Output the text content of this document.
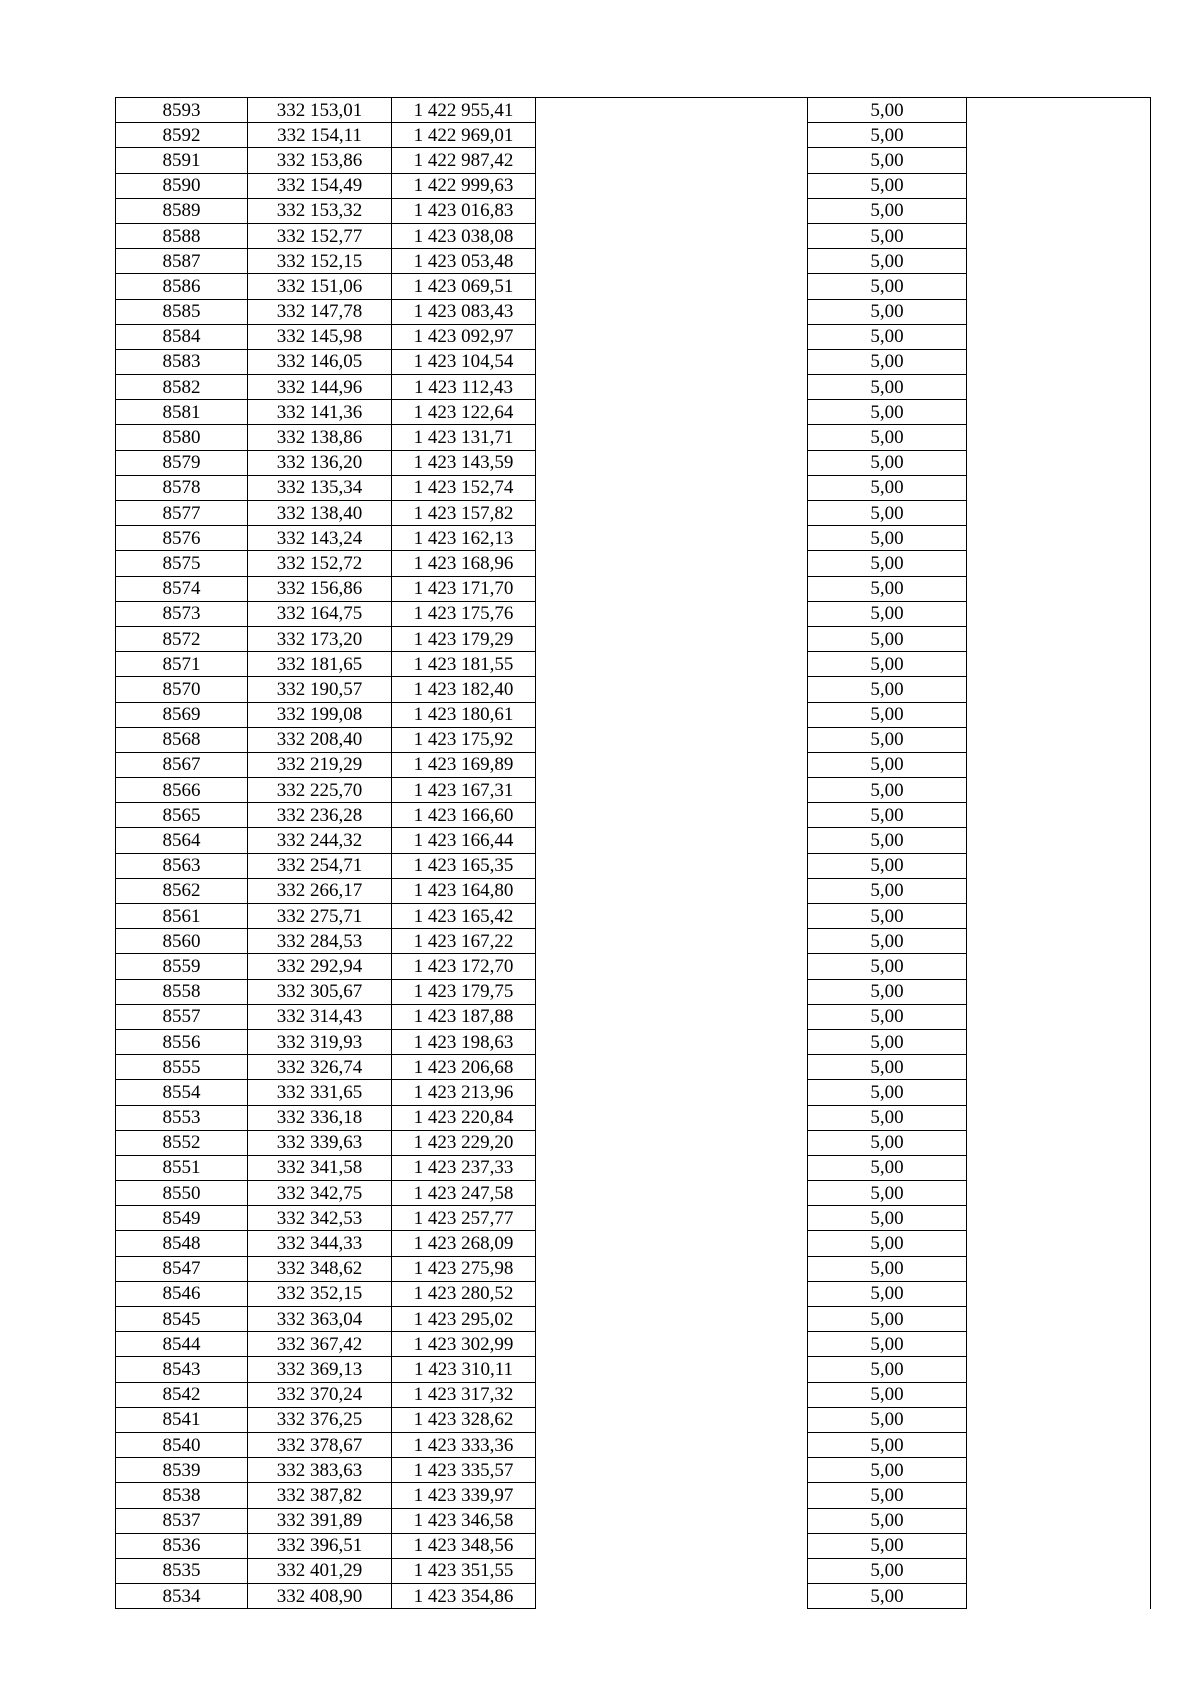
8593	332 153,01	1 422 955,41		5,00	
8592	332 154,11	1 422 969,01		5,00	
8591	332 153,86	1 422 987,42		5,00	
8590	332 154,49	1 422 999,63		5,00	
8589	332 153,32	1 423 016,83		5,00	
8588	332 152,77	1 423 038,08		5,00	
8587	332 152,15	1 423 053,48		5,00	
8586	332 151,06	1 423 069,51		5,00	
8585	332 147,78	1 423 083,43		5,00	
8584	332 145,98	1 423 092,97		5,00	
8583	332 146,05	1 423 104,54		5,00	
8582	332 144,96	1 423 112,43		5,00	
8581	332 141,36	1 423 122,64		5,00	
8580	332 138,86	1 423 131,71		5,00	
8579	332 136,20	1 423 143,59		5,00	
8578	332 135,34	1 423 152,74		5,00	
8577	332 138,40	1 423 157,82		5,00	
8576	332 143,24	1 423 162,13		5,00	
8575	332 152,72	1 423 168,96		5,00	
8574	332 156,86	1 423 171,70		5,00	
8573	332 164,75	1 423 175,76		5,00	
8572	332 173,20	1 423 179,29		5,00	
8571	332 181,65	1 423 181,55		5,00	
8570	332 190,57	1 423 182,40		5,00	
8569	332 199,08	1 423 180,61		5,00	
8568	332 208,40	1 423 175,92		5,00	
8567	332 219,29	1 423 169,89		5,00	
8566	332 225,70	1 423 167,31		5,00	
8565	332 236,28	1 423 166,60		5,00	
8564	332 244,32	1 423 166,44		5,00	
8563	332 254,71	1 423 165,35		5,00	
8562	332 266,17	1 423 164,80		5,00	
8561	332 275,71	1 423 165,42		5,00	
8560	332 284,53	1 423 167,22		5,00	
8559	332 292,94	1 423 172,70		5,00	
8558	332 305,67	1 423 179,75		5,00	
8557	332 314,43	1 423 187,88		5,00	
8556	332 319,93	1 423 198,63		5,00	
8555	332 326,74	1 423 206,68		5,00	
8554	332 331,65	1 423 213,96		5,00	
8553	332 336,18	1 423 220,84		5,00	
8552	332 339,63	1 423 229,20		5,00	
8551	332 341,58	1 423 237,33		5,00	
8550	332 342,75	1 423 247,58		5,00	
8549	332 342,53	1 423 257,77		5,00	
8548	332 344,33	1 423 268,09		5,00	
8547	332 348,62	1 423 275,98		5,00	
8546	332 352,15	1 423 280,52		5,00	
8545	332 363,04	1 423 295,02		5,00	
8544	332 367,42	1 423 302,99		5,00	
8543	332 369,13	1 423 310,11		5,00	
8542	332 370,24	1 423 317,32		5,00	
8541	332 376,25	1 423 328,62		5,00	
8540	332 378,67	1 423 333,36		5,00	
8539	332 383,63	1 423 335,57		5,00	
8538	332 387,82	1 423 339,97		5,00	
8537	332 391,89	1 423 346,58		5,00	
8536	332 396,51	1 423 348,56		5,00	
8535	332 401,29	1 423 351,55		5,00	
8534	332 408,90	1 423 354,86		5,00	
